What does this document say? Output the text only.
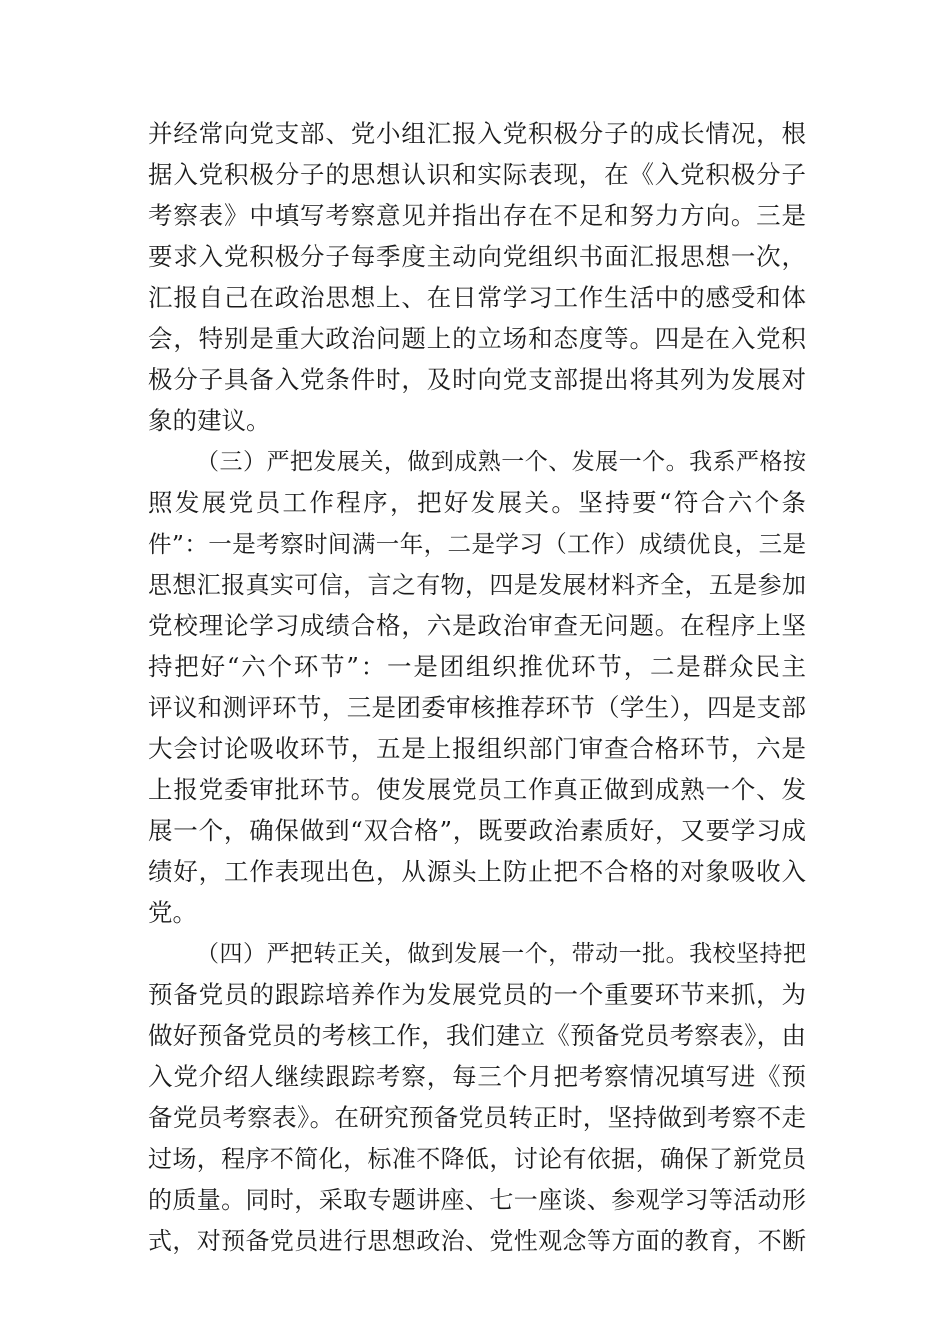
并经常向党支部、党小组汇报入党积极分子的成长情况，根
据入党积极分子的思想认识和实际表现，在《入党积极分子
考察表》中填写考察意见并指出存在不足和努力方向。三是
要求入党积极分子每季度主动向党组织书面汇报思想一次，
汇报自己在政治思想上、在日常学习工作生活中的感受和体
会，特别是重大政治问题上的立场和态度等。四是在入党积
极分子具备入党条件时，及时向党支部提出将其列为发展对
象的建议。
（三）严把发展关，做到成熟一个、发展一个。我系严格按
照发展党员工作程序，把好发展关。坚持要“符合六个条
件”：一是考察时间满一年，二是学习（工作）成绩优良，三是
思想汇报真实可信，言之有物，四是发展材料齐全，五是参加
党校理论学习成绩合格，六是政治审查无问题。在程序上坚
持把好“六个环节”：一是团组织推优环节，二是群众民主
评议和测评环节，三是团委审核推荐环节（学生），四是支部
大会讨论吸收环节，五是上报组织部门审查合格环节，六是
上报党委审批环节。使发展党员工作真正做到成熟一个、发
展一个，确保做到“双合格”，既要政治素质好，又要学习成
绩好，工作表现出色，从源头上防止把不合格的对象吸收入
党。
（四）严把转正关，做到发展一个，带动一批。我校坚持把
预备党员的跟踪培养作为发展党员的一个重要环节来抓，为
做好预备党员的考核工作，我们建立《预备党员考察表》，由
入党介绍人继续跟踪考察，每三个月把考察情况填写进《预
备党员考察表》。在研究预备党员转正时，坚持做到考察不走
过场，程序不简化，标准不降低，讨论有依据，确保了新党员
的质量。同时，采取专题讲座、七一座谈、参观学习等活动形
式，对预备党员进行思想政治、党性观念等方面的教育，不断
